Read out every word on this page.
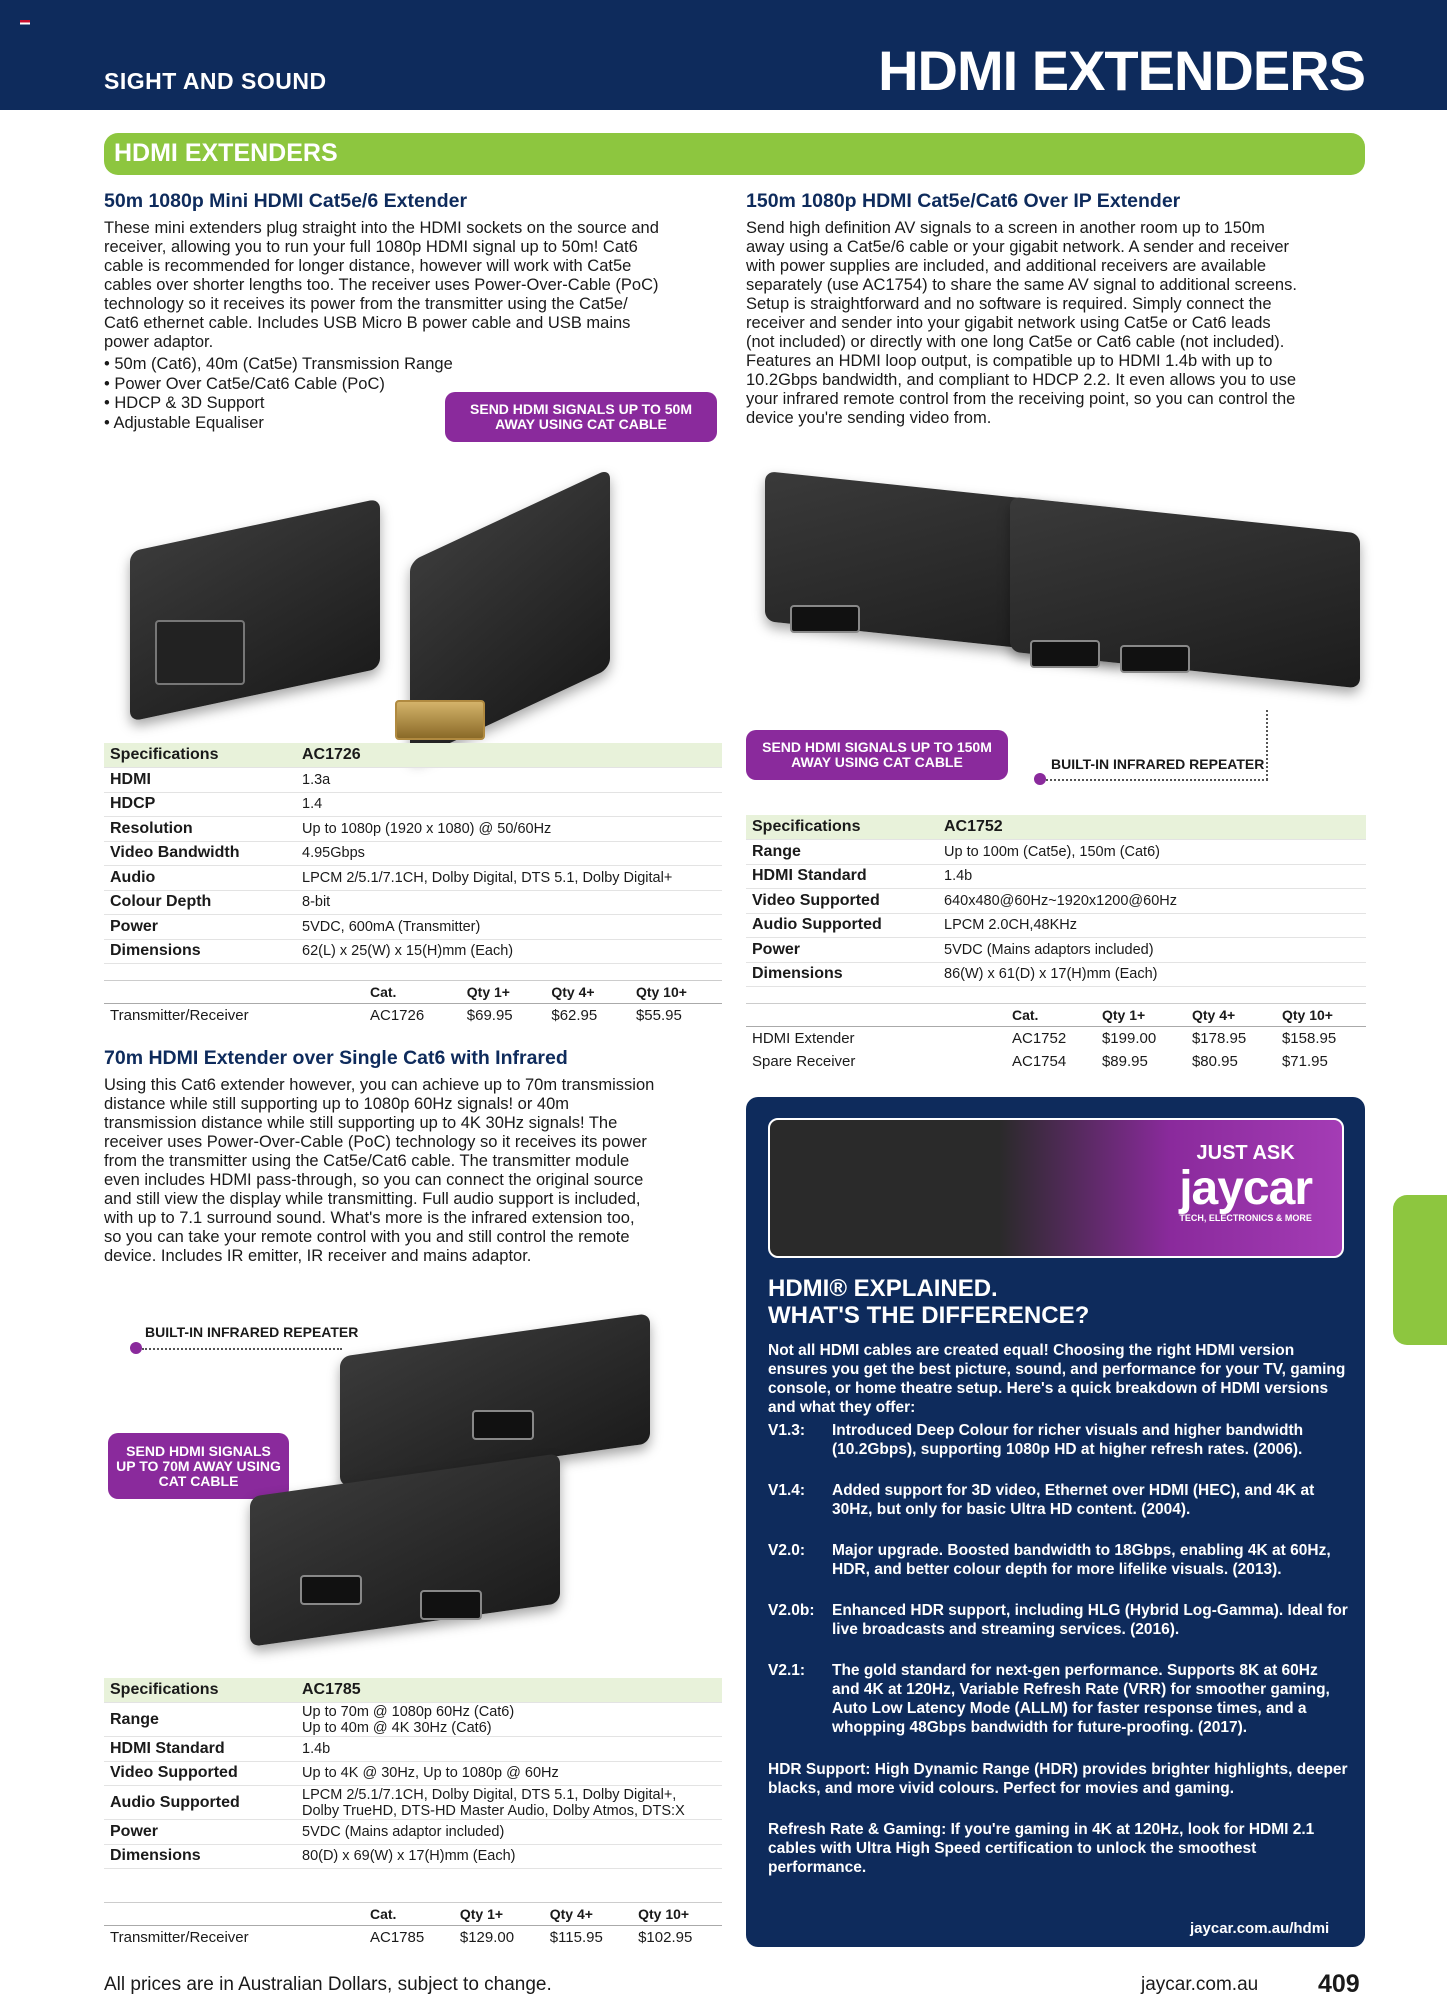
SIGHT AND SOUND	HDMI EXTENDERS
HDMI EXTENDERS
50m 1080p Mini HDMI Cat5e/6 Extender
These mini extenders plug straight into the HDMI sockets on the source and
receiver, allowing you to run your full 1080p HDMI signal up to 50m! Cat6
cable is recommended for longer distance, however will work with Cat5e
cables over shorter lengths too. The receiver uses Power-Over-Cable (PoC)
technology so it receives its power from the transmitter using the Cat5e/
Cat6 ethernet cable. Includes USB Micro B power cable and USB mains
power adaptor.
• 50m (Cat6), 40m (Cat5e) Transmission Range
• Power Over Cat5e/Cat6 Cable (PoC)
• HDCP & 3D Support
• Adjustable Equaliser
SEND HDMI SIGNALS UP TO 50M AWAY USING CAT CABLE
Specifications	AC1726
HDMI	1.3a
HDCP	1.4
Resolution	Up to 1080p (1920 x 1080) @ 50/60Hz
Video Bandwidth	4.95Gbps
Audio	LPCM 2/5.1/7.1CH, Dolby Digital, DTS 5.1, Dolby Digital+
Colour Depth	8-bit
Power	5VDC, 600mA (Transmitter)
Dimensions	62(L) x 25(W) x 15(H)mm (Each)
	Cat.	Qty 1+	Qty 4+	Qty 10+
Transmitter/Receiver	AC1726	$69.95	$62.95	$55.95
150m 1080p HDMI Cat5e/Cat6 Over IP Extender
Send high definition AV signals to a screen in another room up to 150m
away using a Cat5e/6 cable or your gigabit network. A sender and receiver
with power supplies are included, and additional receivers are available
separately (use AC1754) to share the same AV signal to additional screens.
Setup is straightforward and no software is required. Simply connect the
receiver and sender into your gigabit network using Cat5e or Cat6 leads
(not included) or directly with one long Cat5e or Cat6 cable (not included).
Features an HDMI loop output, is compatible up to HDMI 1.4b with up to
10.2Gbps bandwidth, and compliant to HDCP 2.2. It even allows you to use
your infrared remote control from the receiving point, so you can control the
device you're sending video from.
SEND HDMI SIGNALS UP TO 150M AWAY USING CAT CABLE	BUILT-IN INFRARED REPEATER
Specifications	AC1752
Range	Up to 100m (Cat5e), 150m (Cat6)
HDMI Standard	1.4b
Video Supported	640x480@60Hz~1920x1200@60Hz
Audio Supported	LPCM 2.0CH,48KHz
Power	5VDC (Mains adaptors included)
Dimensions	86(W) x 61(D) x 17(H)mm (Each)
	Cat.	Qty 1+	Qty 4+	Qty 10+
HDMI Extender	AC1752	$199.00	$178.95	$158.95
Spare Receiver	AC1754	$89.95	$80.95	$71.95
70m HDMI Extender over Single Cat6 with Infrared
Using this Cat6 extender however, you can achieve up to 70m transmission
distance while still supporting up to 1080p 60Hz signals! or 40m
transmission distance while still supporting up to 4K 30Hz signals! The
receiver uses Power-Over-Cable (PoC) technology so it receives its power
from the transmitter using the Cat5e/Cat6 cable. The transmitter module
even includes HDMI pass-through, so you can connect the original source
and still view the display while transmitting. Full audio support is included,
with up to 7.1 surround sound. What's more is the infrared extension too,
so you can take your remote control with you and still control the remote
device. Includes IR emitter, IR receiver and mains adaptor.
BUILT-IN INFRARED REPEATER
SEND HDMI SIGNALS UP TO 70M AWAY USING CAT CABLE
Specifications	AC1785
Range	Up to 70m @ 1080p 60Hz (Cat6)
Up to 40m @ 4K 30Hz (Cat6)
HDMI Standard	1.4b
Video Supported	Up to 4K @ 30Hz, Up to 1080p @ 60Hz
Audio Supported	LPCM 2/5.1/7.1CH, Dolby Digital, DTS 5.1, Dolby Digital+,
Dolby TrueHD, DTS-HD Master Audio, Dolby Atmos, DTS:X
Power	5VDC (Mains adaptor included)
Dimensions	80(D) x 69(W) x 17(H)mm (Each)
	Cat.	Qty 1+	Qty 4+	Qty 10+
Transmitter/Receiver	AC1785	$129.00	$115.95	$102.95
JUST ASK
jaycar
TECH, ELECTRONICS & MORE
HDMI® EXPLAINED.
WHAT'S THE DIFFERENCE?
Not all HDMI cables are created equal! Choosing the right HDMI version ensures you get the best picture, sound, and performance for your TV, gaming console, or home theatre setup. Here's a quick breakdown of HDMI versions and what they offer:
V1.3:	Introduced Deep Colour for richer visuals and higher bandwidth (10.2Gbps), supporting 1080p HD at higher refresh rates. (2006).
V1.4:	Added support for 3D video, Ethernet over HDMI (HEC), and 4K at 30Hz, but only for basic Ultra HD content. (2004).
V2.0:	Major upgrade. Boosted bandwidth to 18Gbps, enabling 4K at 60Hz, HDR, and better colour depth for more lifelike visuals. (2013).
V2.0b:	Enhanced HDR support, including HLG (Hybrid Log-Gamma). Ideal for live broadcasts and streaming services. (2016).
V2.1:	The gold standard for next-gen performance. Supports 8K at 60Hz and 4K at 120Hz, Variable Refresh Rate (VRR) for smoother gaming, Auto Low Latency Mode (ALLM) for faster response times, and a whopping 48Gbps bandwidth for future-proofing. (2017).
HDR Support: High Dynamic Range (HDR) provides brighter highlights, deeper blacks, and more vivid colours. Perfect for movies and gaming.
Refresh Rate & Gaming: If you're gaming in 4K at 120Hz, look for HDMI 2.1 cables with Ultra High Speed certification to unlock the smoothest performance.
jaycar.com.au/hdmi
All prices are in Australian Dollars, subject to change.	jaycar.com.au 409
